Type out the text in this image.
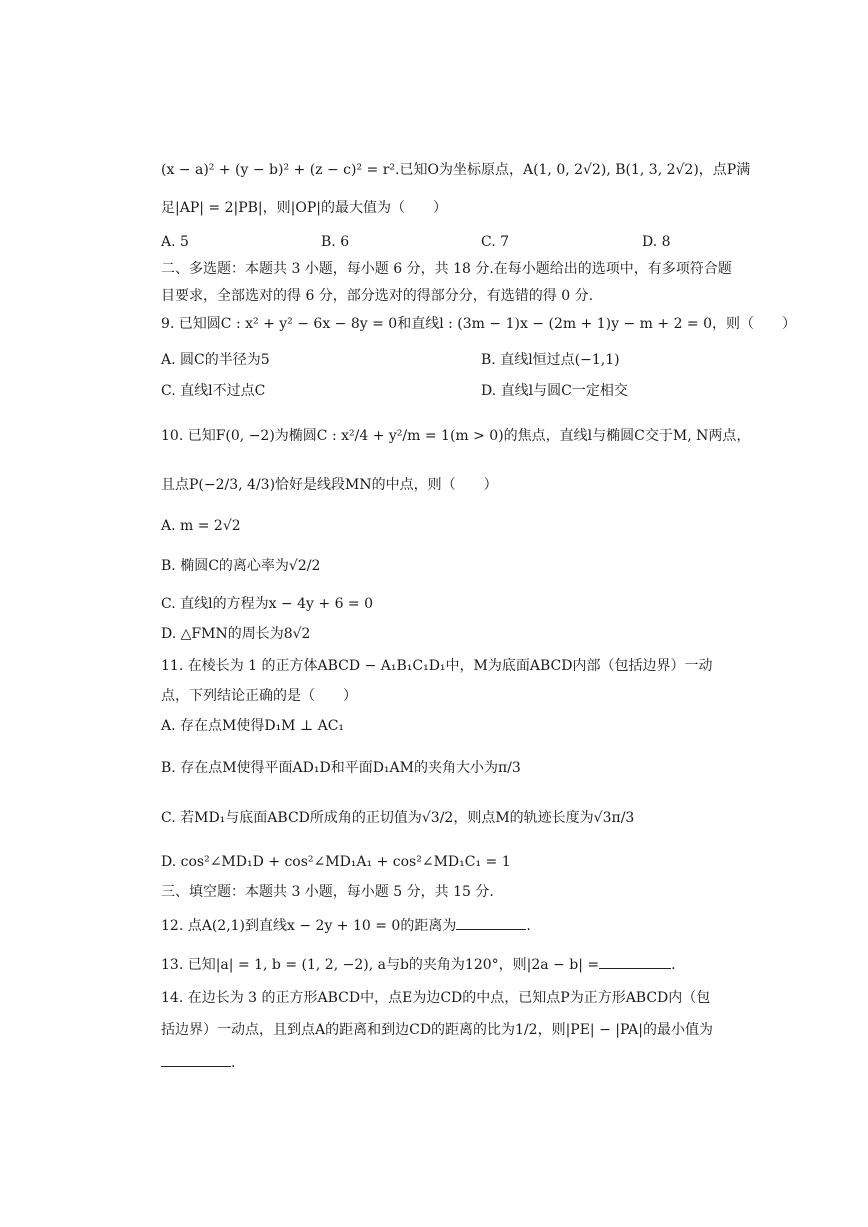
(x − a)² + (y − b)² + (z − c)² = r².已知O为坐标原点，A(1, 0, 2√2), B(1, 3, 2√2)，点P满
足|AP| = 2|PB|，则|OP|的最大值为（　　）
A. 5	B. 6	C. 7	D. 8
二、多选题：本题共 3 小题，每小题 6 分，共 18 分.在每小题给出的选项中，有多项符合题
目要求，全部选对的得 6 分，部分选对的得部分分，有选错的得 0 分.
9. 已知圆C : x² + y² − 6x − 8y = 0和直线l : (3m − 1)x − (2m + 1)y − m + 2 = 0，则（　　）
A. 圆C的半径为5	B. 直线l恒过点(−1,1)
C. 直线l不过点C	D. 直线l与圆C一定相交
10. 已知F(0, −2)为椭圆C : x²/4 + y²/m = 1(m > 0)的焦点，直线l与椭圆C交于M, N两点，
且点P(−2/3, 4/3)恰好是线段MN的中点，则（　　）
A. m = 2√2
B. 椭圆C的离心率为√2/2
C. 直线l的方程为x − 4y + 6 = 0
D. △FMN的周长为8√2
11. 在棱长为 1 的正方体ABCD − A₁B₁C₁D₁中，M为底面ABCD内部（包括边界）一动
点，下列结论正确的是（　　）
A. 存在点M使得D₁M ⊥ AC₁
B. 存在点M使得平面AD₁D和平面D₁AM的夹角大小为π/3
C. 若MD₁与底面ABCD所成角的正切值为√3/2，则点M的轨迹长度为√3π/3
D. cos²∠MD₁D + cos²∠MD₁A₁ + cos²∠MD₁C₁ = 1
三、填空题：本题共 3 小题，每小题 5 分，共 15 分.
12. 点A(2,1)到直线x − 2y + 10 = 0的距离为	.
13. 已知|a| = 1, b = (1, 2, −2), a与b的夹角为120°，则|2a − b| =	.
14. 在边长为 3 的正方形ABCD中，点E为边CD的中点，已知点P为正方形ABCD内（包
括边界）一动点，且到点A的距离和到边CD的距离的比为1/2，则|PE| − |PA|的最小值为
.
